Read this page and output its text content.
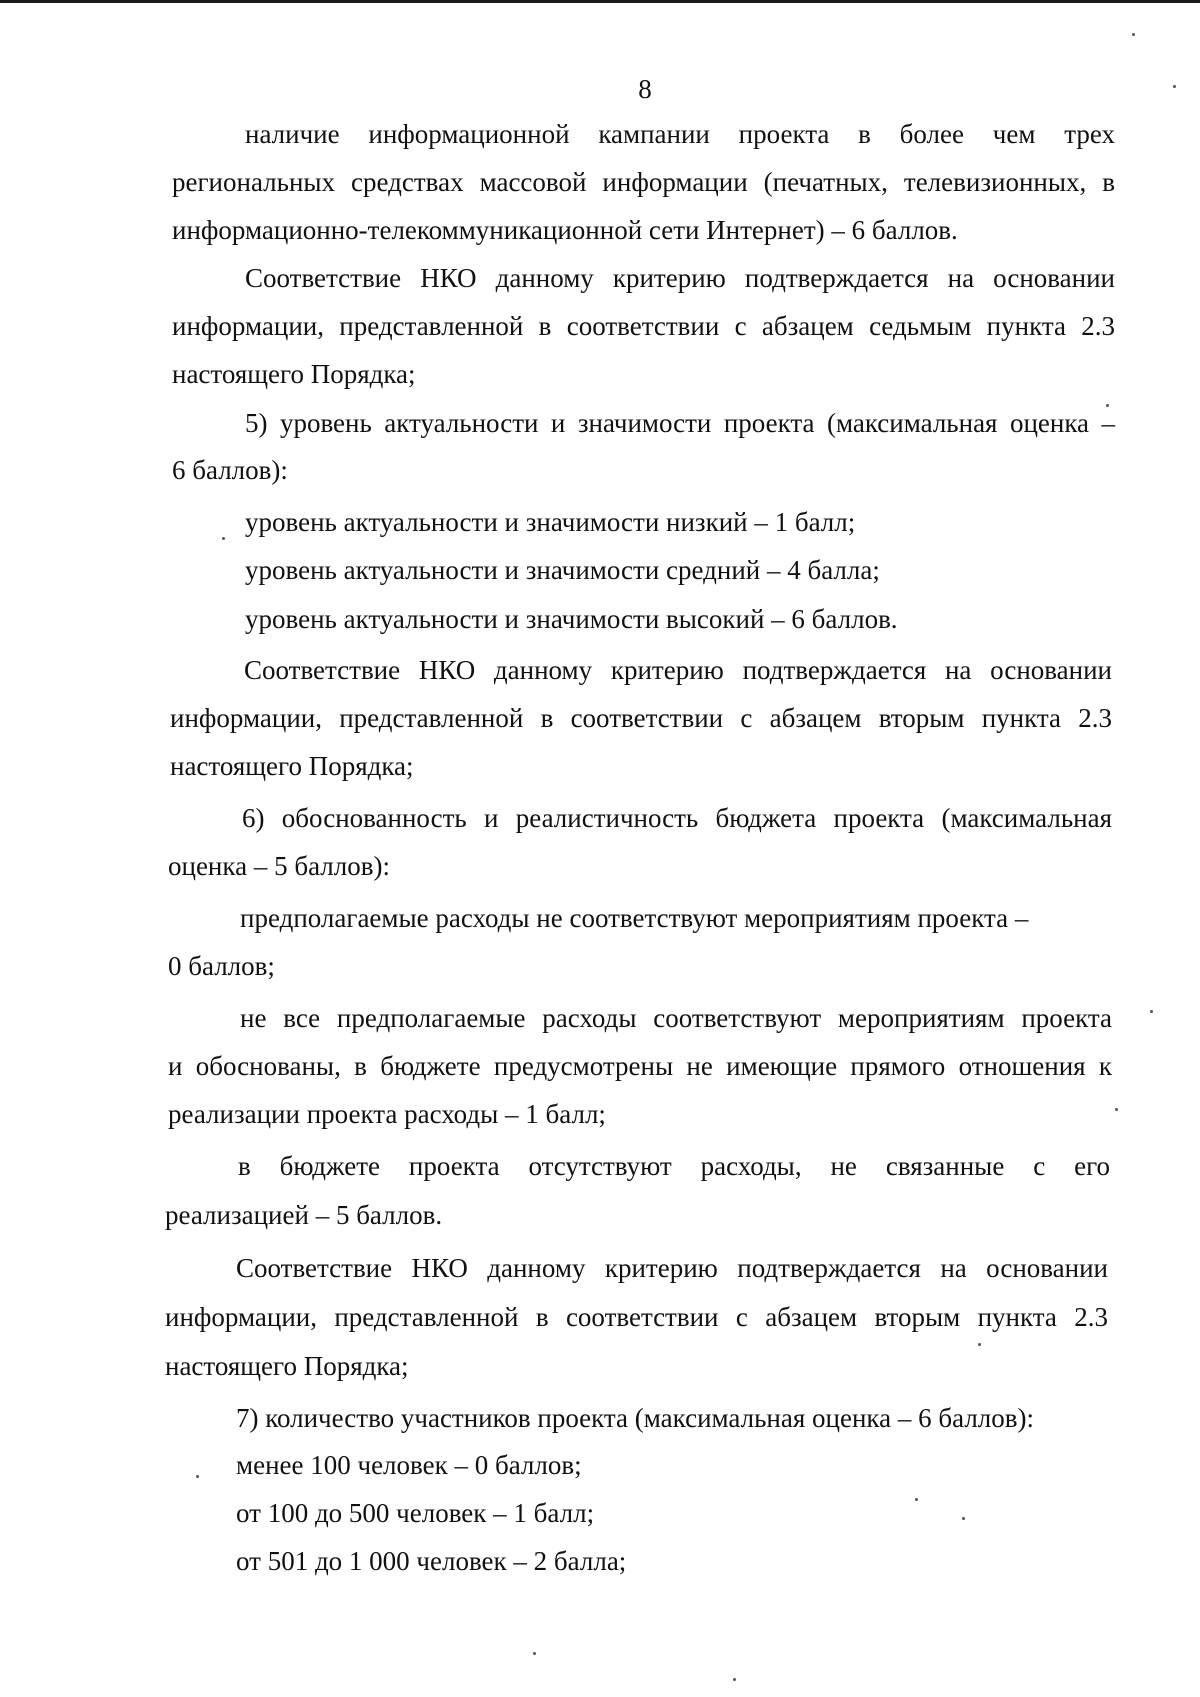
8
наличие информационной кампании проекта в более чем трех
региональных средствах массовой информации (печатных, телевизионных, в
информационно-телекоммуникационной сети Интернет) – 6 баллов.
Соответствие НКО данному критерию подтверждается на основании
информации, представленной в соответствии с абзацем седьмым пункта 2.3
настоящего Порядка;
5) уровень актуальности и значимости проекта (максимальная оценка –
6 баллов):
уровень актуальности и значимости низкий – 1 балл;
уровень актуальности и значимости средний – 4 балла;
уровень актуальности и значимости высокий – 6 баллов.
Соответствие НКО данному критерию подтверждается на основании
информации, представленной в соответствии с абзацем вторым пункта 2.3
настоящего Порядка;
6) обоснованность и реалистичность бюджета проекта (максимальная
оценка – 5 баллов):
предполагаемые расходы не соответствуют мероприятиям проекта –
0 баллов;
не все предполагаемые расходы соответствуют мероприятиям проекта
и обоснованы, в бюджете предусмотрены не имеющие прямого отношения к
реализации проекта расходы – 1 балл;
в бюджете проекта отсутствуют расходы, не связанные с его
реализацией – 5 баллов.
Соответствие НКО данному критерию подтверждается на основании
информации, представленной в соответствии с абзацем вторым пункта 2.3
настоящего Порядка;
7) количество участников проекта (максимальная оценка – 6 баллов):
менее 100 человек – 0 баллов;
от 100 до 500 человек – 1 балл;
от 501 до 1 000 человек – 2 балла;
